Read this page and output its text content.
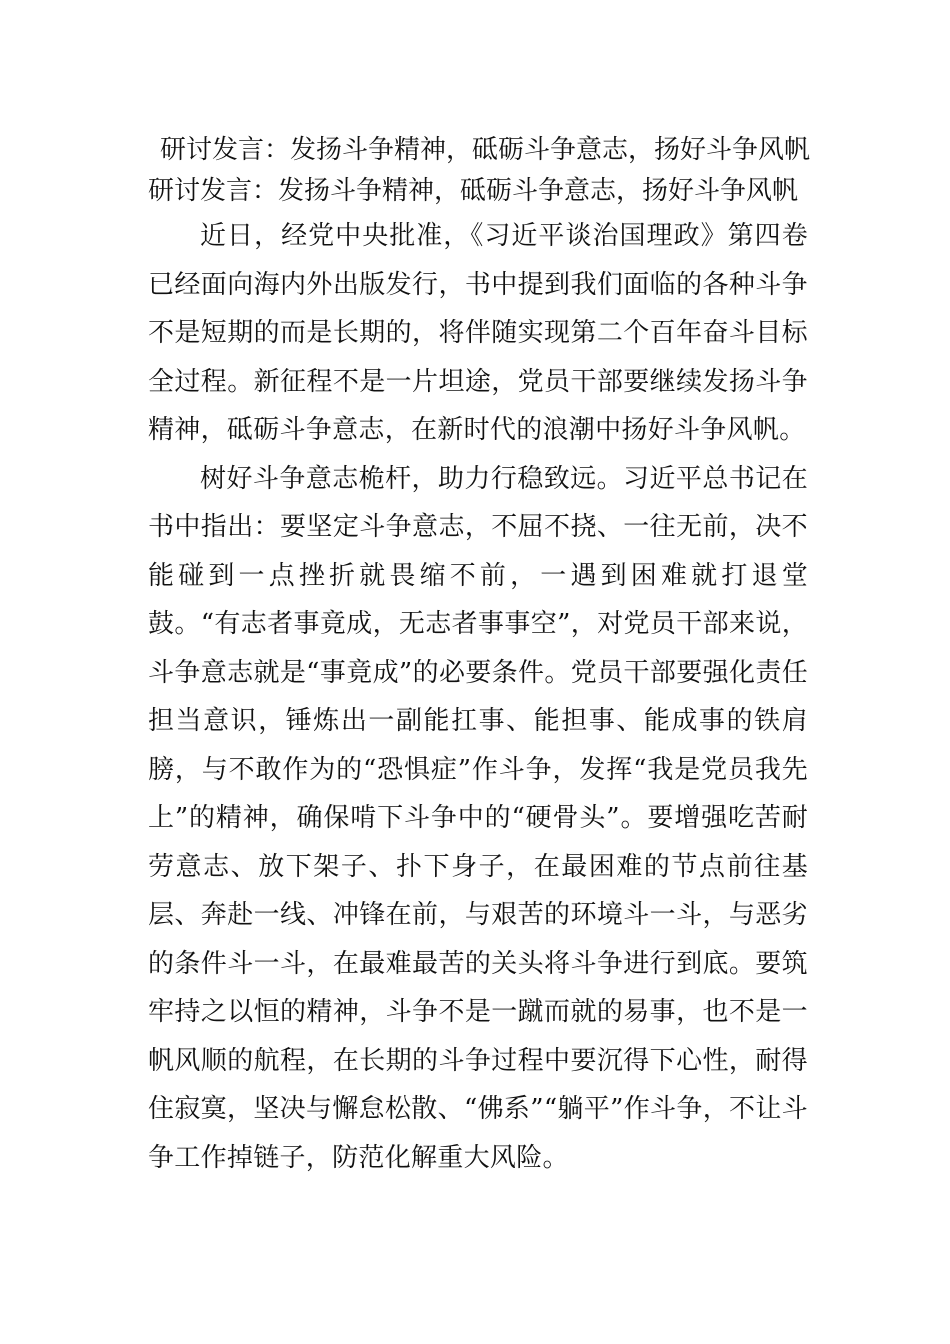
研讨发言：发扬斗争精神，砥砺斗争意志，扬好斗争风帆

研讨发言：发扬斗争精神，砥砺斗争意志，扬好斗争风帆

近日，经党中央批准，《习近平谈治国理政》第四卷已经面向海内外出版发行，书中提到我们面临的各种斗争不是短期的而是长期的，将伴随实现第二个百年奋斗目标全过程。新征程不是一片坦途，党员干部要继续发扬斗争精神，砥砺斗争意志，在新时代的浪潮中扬好斗争风帆。

树好斗争意志桅杆，助力行稳致远。习近平总书记在书中指出：要坚定斗争意志，不屈不挠、一往无前，决不能碰到一点挫折就畏缩不前，一遇到困难就打退堂鼓。“有志者事竟成，无志者事事空”，对党员干部来说，斗争意志就是“事竟成”的必要条件。党员干部要强化责任担当意识，锤炼出一副能扛事、能担事、能成事的铁肩膀，与不敢作为的“恐惧症”作斗争，发挥“我是党员我先上”的精神，确保啃下斗争中的“硬骨头”。要增强吃苦耐劳意志、放下架子、扑下身子，在最困难的节点前往基层、奔赴一线、冲锋在前，与艰苦的环境斗一斗，与恶劣的条件斗一斗，在最难最苦的关头将斗争进行到底。要筑牢持之以恒的精神，斗争不是一蹴而就的易事，也不是一帆风顺的航程，在长期的斗争过程中要沉得下心性，耐得住寂寞，坚决与懈怠松散、“佛系”“躺平”作斗争，不让斗争工作掉链子，防范化解重大风险。
